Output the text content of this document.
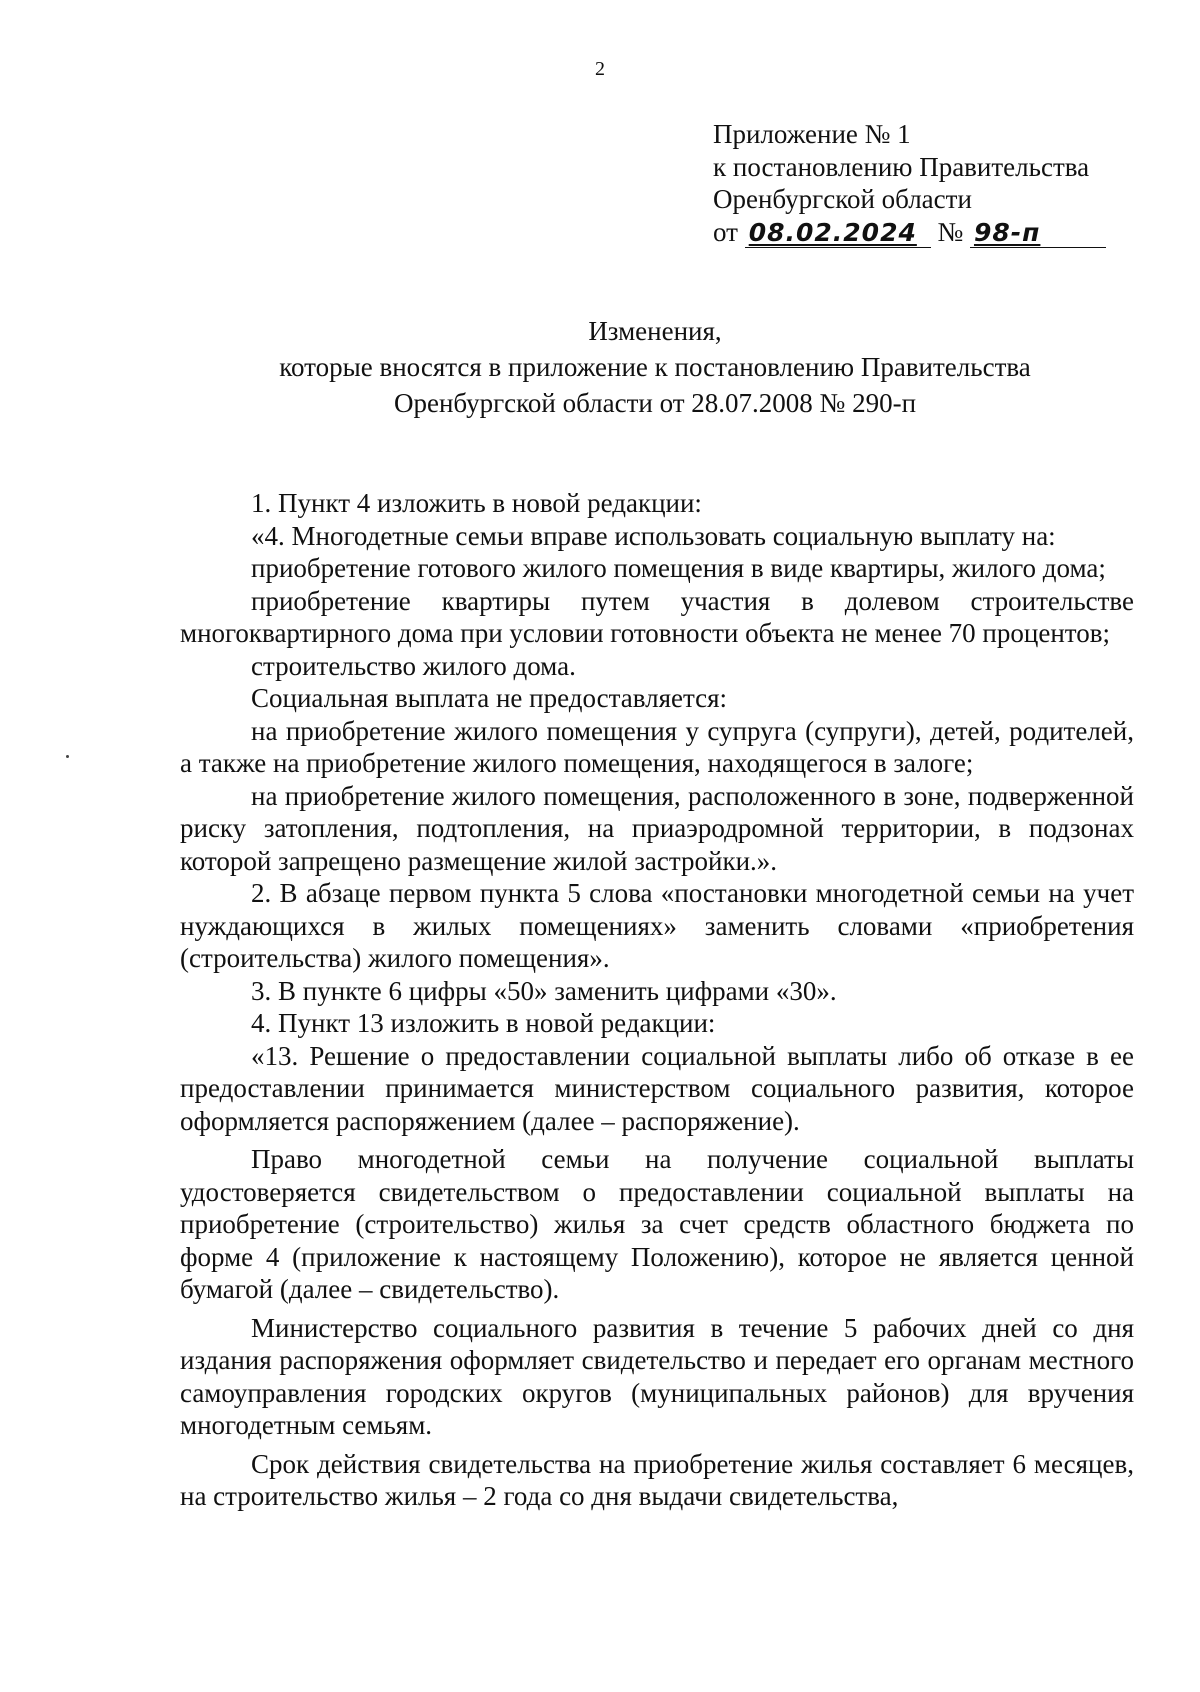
2
Приложение № 1
к постановлению Правительства
Оренбургской области
от 08.02.2024 № 98-п
Изменения,
которые вносятся в приложение к постановлению Правительства
Оренбургской области от 28.07.2008 № 290-п

1. Пункт 4 изложить в новой редакции:

«4. Многодетные семьи вправе использовать социальную выплату на:

приобретение готового жилого помещения в виде квартиры, жилого дома;

приобретение квартиры путем участия в долевом строительстве многоквартирного дома при условии готовности объекта не менее 70 процентов;

строительство жилого дома.

Социальная выплата не предоставляется:

на приобретение жилого помещения у супруга (супруги), детей, родителей, а также на приобретение жилого помещения, находящегося в залоге;

на приобретение жилого помещения, расположенного в зоне, подверженной риску затопления, подтопления, на приаэродромной территории, в подзонах которой запрещено размещение жилой застройки.».

2. В абзаце первом пункта 5 слова «постановки многодетной семьи на учет нуждающихся в жилых помещениях» заменить словами «приобретения (строительства) жилого помещения».

3. В пункте 6 цифры «50» заменить цифрами «30».

4. Пункт 13 изложить в новой редакции:

«13. Решение о предоставлении социальной выплаты либо об отказе в ее предоставлении принимается министерством социального развития, которое оформляется распоряжением (далее – распоряжение).

Право многодетной семьи на получение социальной выплаты удостоверяется свидетельством о предоставлении социальной выплаты на приобретение (строительство) жилья за счет средств областного бюджета по форме 4 (приложение к настоящему Положению), которое не является ценной бумагой (далее – свидетельство).

Министерство социального развития в течение 5 рабочих дней со дня издания распоряжения оформляет свидетельство и передает его органам местного самоуправления городских округов (муниципальных районов) для вручения многодетным семьям.

Срок действия свидетельства на приобретение жилья составляет 6 месяцев, на строительство жилья – 2 года со дня выдачи свидетельства,
